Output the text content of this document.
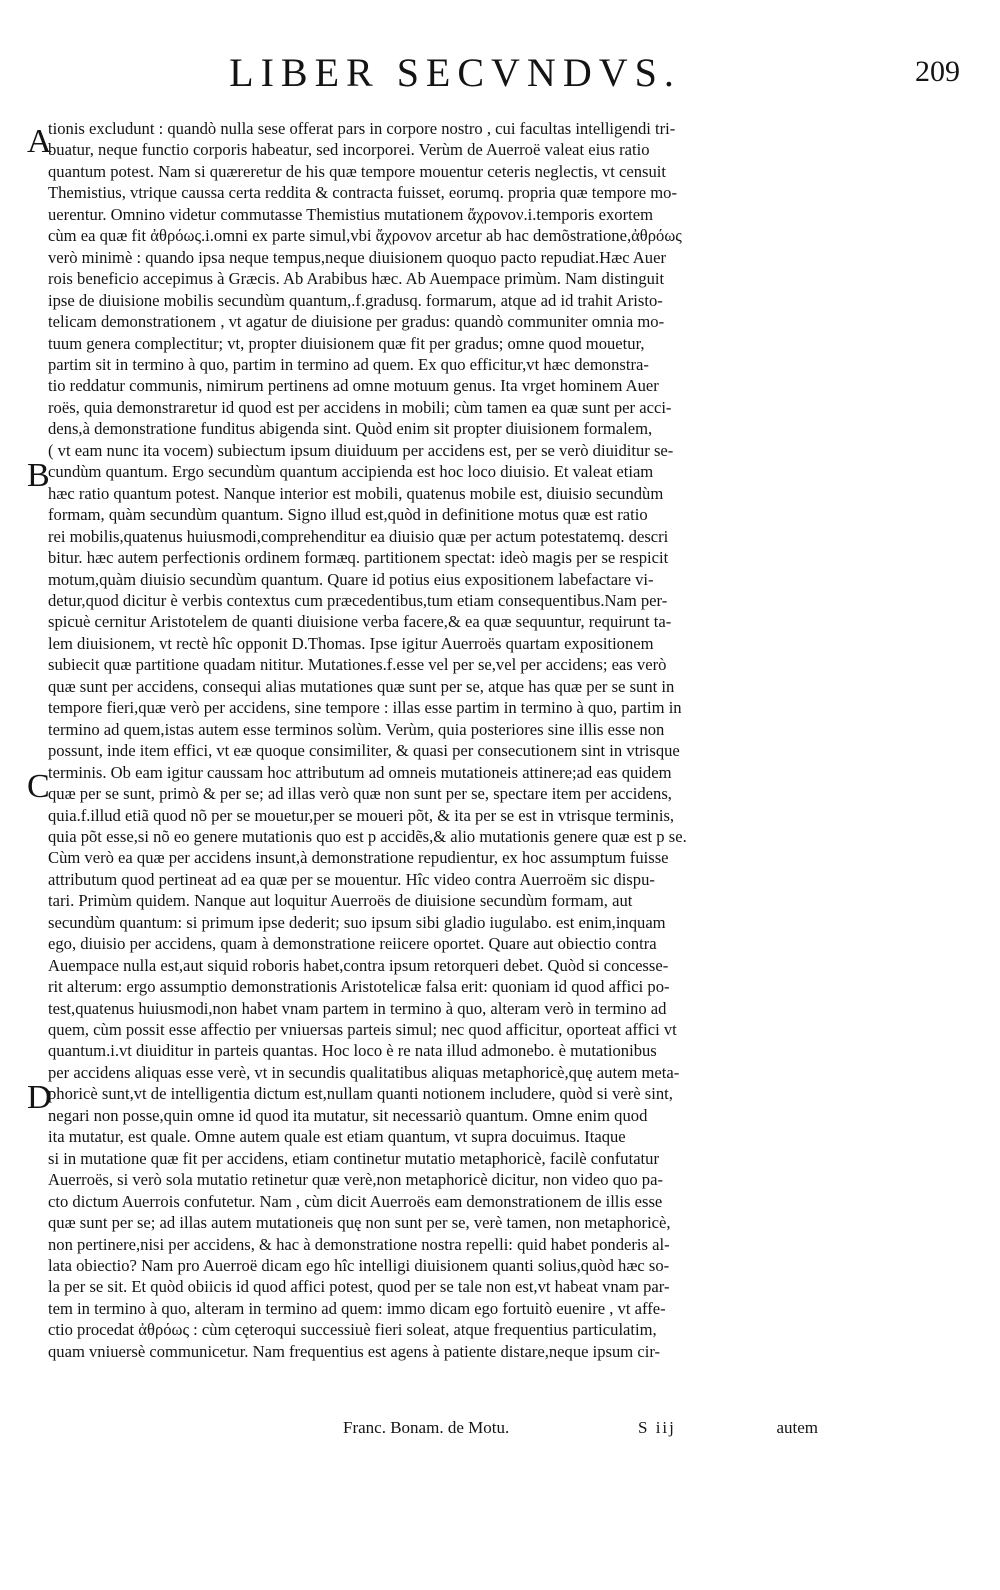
LIBER SECVNDVS.	209
A
B
C
D
tionis excludunt : quandò nulla sese offerat pars in corpore nostro , cui facultas intelligendi tri-
buatur, neque functio corporis habeatur, sed incorporei. Verùm de Auerroë valeat eius ratio
quantum potest. Nam si quæreretur de his quæ tempore mouentur ceteris neglectis, vt censuit
Themistius, vtrique caussa certa reddita & contracta fuisset, eorumq. propria quæ tempore mo-
uerentur. Omnino videtur commutasse Themistius mutationem ἄχρονον.i.temporis exortem
cùm ea quæ fit ἀθρόως.i.omni ex parte simul,vbi ἄχρονον arcetur ab hac demõstratione,ἀθρόως
verò minimè : quando ipsa neque tempus,neque diuisionem quoquo pacto repudiat.Hæc Auer
rois beneficio accepimus à Græcis. Ab Arabibus hæc. Ab Auempace primùm. Nam distinguit
ipse de diuisione mobilis secundùm quantum,.f.gradusq. formarum, atque ad id trahit Aristo-
telicam demonstrationem , vt agatur de diuisione per gradus: quandò communiter omnia mo-
tuum genera complectitur; vt, propter diuisionem quæ fit per gradus; omne quod mouetur,
partim sit in termino à quo, partim in termino ad quem. Ex quo efficitur,vt hæc demonstra-
tio reddatur communis, nimirum pertinens ad omne motuum genus. Ita vrget hominem Auer
roës, quia demonstraretur id quod est per accidens in mobili; cùm tamen ea quæ sunt per acci-
dens,à demonstratione funditus abigenda sint. Quòd enim sit propter diuisionem formalem,
( vt eam nunc ita vocem) subiectum ipsum diuiduum per accidens est, per se verò diuiditur se-
cundùm quantum. Ergo secundùm quantum accipienda est hoc loco diuisio. Et valeat etiam
hæc ratio quantum potest. Nanque interior est mobili, quatenus mobile est, diuisio secundùm
formam, quàm secundùm quantum. Signo illud est,quòd in definitione motus quæ est ratio
rei mobilis,quatenus huiusmodi,comprehenditur ea diuisio quæ per actum potestatemq. descri
bitur. hæc autem perfectionis ordinem formæq. partitionem spectat: ideò magis per se respicit
motum,quàm diuisio secundùm quantum. Quare id potius eius expositionem labefactare vi-
detur,quod dicitur è verbis contextus cum præcedentibus,tum etiam consequentibus.Nam per-
spicuè cernitur Aristotelem de quanti diuisione verba facere,& ea quæ sequuntur, requirunt ta-
lem diuisionem, vt rectè hîc opponit D.Thomas. Ipse igitur Auerroës quartam expositionem
subiecit quæ partitione quadam nititur. Mutationes.f.esse vel per se,vel per accidens; eas verò
quæ sunt per accidens, consequi alias mutationes quæ sunt per se, atque has quæ per se sunt in
tempore fieri,quæ verò per accidens, sine tempore : illas esse partim in termino à quo, partim in
termino ad quem,istas autem esse terminos solùm. Verùm, quia posteriores sine illis esse non
possunt, inde item effici, vt eæ quoque consimiliter, & quasi per consecutionem sint in vtrisque
terminis. Ob eam igitur caussam hoc attributum ad omneis mutationeis attinere;ad eas quidem
quæ per se sunt, primò & per se; ad illas verò quæ non sunt per se, spectare item per accidens,
quia.f.illud etiã quod nõ per se mouetur,per se moueri põt, & ita per se est in vtrisque terminis,
quia põt esse,si nõ eo genere mutationis quo est p accidẽs,& alio mutationis genere quæ est p se.
Cùm verò ea quæ per accidens insunt,à demonstratione repudientur, ex hoc assumptum fuisse
attributum quod pertineat ad ea quæ per se mouentur. Hîc video contra Auerroëm sic dispu-
tari. Primùm quidem. Nanque aut loquitur Auerroës de diuisione secundùm formam, aut
secundùm quantum: si primum ipse dederit; suo ipsum sibi gladio iugulabo. est enim,inquam
ego, diuisio per accidens, quam à demonstratione reiicere oportet. Quare aut obiectio contra
Auempace nulla est,aut siquid roboris habet,contra ipsum retorqueri debet. Quòd si concesse-
rit alterum: ergo assumptio demonstrationis Aristotelicæ falsa erit: quoniam id quod affici po-
test,quatenus huiusmodi,non habet vnam partem in termino à quo, alteram verò in termino ad
quem, cùm possit esse affectio per vniuersas parteis simul; nec quod afficitur, oporteat affici vt
quantum.i.vt diuiditur in parteis quantas. Hoc loco è re nata illud admonebo. è mutationibus
per accidens aliquas esse verè, vt in secundis qualitatibus aliquas metaphoricè,quę autem meta-
phoricè sunt,vt de intelligentia dictum est,nullam quanti notionem includere, quòd si verè sint,
negari non posse,quin omne id quod ita mutatur, sit necessariò quantum. Omne enim quod
ita mutatur, est quale. Omne autem quale est etiam quantum, vt supra docuimus. Itaque
si in mutatione quæ fit per accidens, etiam continetur mutatio metaphoricè, facilè confutatur
Auerroës, si verò sola mutatio retinetur quæ verè,non metaphoricè dicitur, non video quo pa-
cto dictum Auerrois confutetur. Nam , cùm dicit Auerroës eam demonstrationem de illis esse
quæ sunt per se; ad illas autem mutationeis quę non sunt per se, verè tamen, non metaphoricè,
non pertinere,nisi per accidens, & hac à demonstratione nostra repelli: quid habet ponderis al-
lata obiectio? Nam pro Auerroë dicam ego hîc intelligi diuisionem quanti solius,quòd hæc so-
la per se sit. Et quòd obiicis id quod affici potest, quod per se tale non est,vt habeat vnam par-
tem in termino à quo, alteram in termino ad quem: immo dicam ego fortuitò euenire , vt affe-
ctio procedat ἀθρόως : cùm cęteroqui successiuè fieri soleat, atque frequentius particulatim,
quam vniuersè communicetur. Nam frequentius est agens à patiente distare,neque ipsum cir-
Franc. Bonam. de Motu.	S iij	autem
